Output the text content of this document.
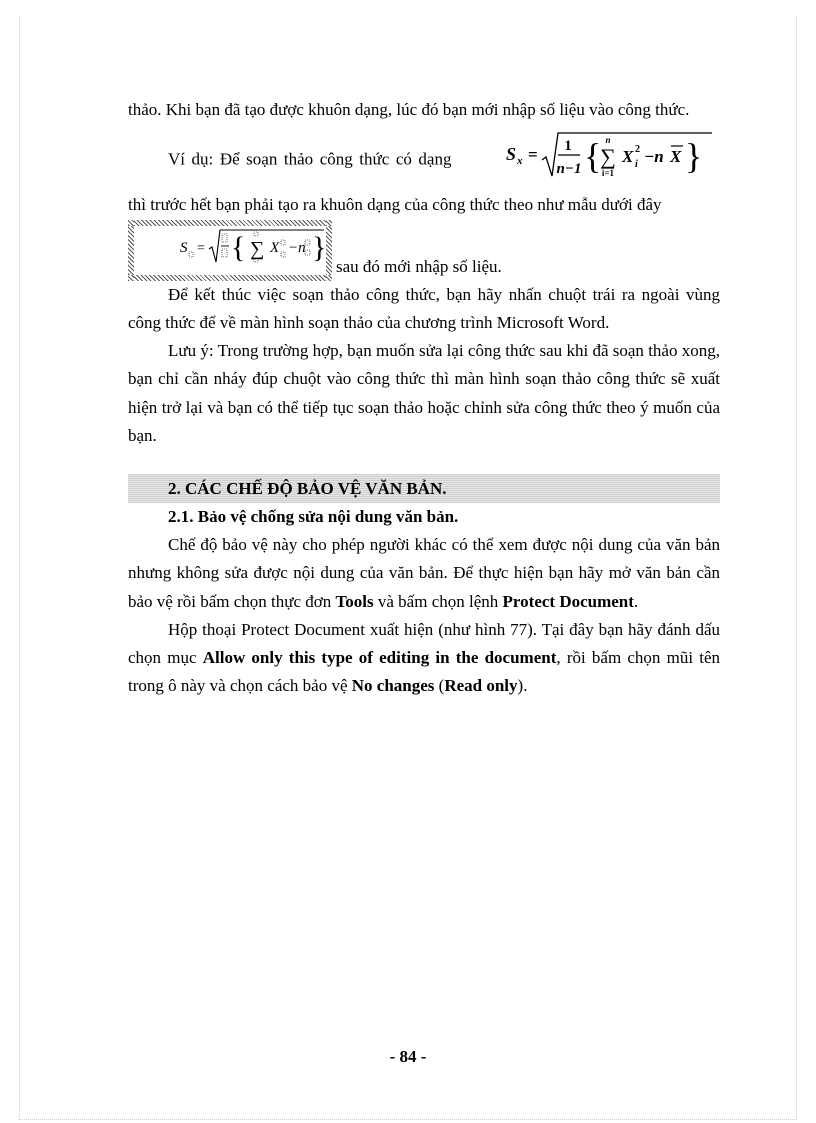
thảo. Khi bạn đã tạo được khuôn dạng, lúc đó bạn mới nhập số liệu vào công thức.

Ví dụ: Để soạn thảo công thức có dạng	S x = 1
n−1 { n
∑
i=1
X 2
i −n X }
thì trước hết bạn phải tạo ra khuôn dạng của công thức theo như mẫu dưới đây

S = { ∑ X −n }
sau đó mới nhập số liệu.

Để kết thúc việc soạn thảo công thức, bạn hãy nhấn chuột trái ra ngoài vùng công thức để về màn hình soạn thảo của chương trình Microsoft Word.

Lưu ý: Trong trường hợp, bạn muốn sửa lại công thức sau khi đã soạn thảo xong, bạn chỉ cần nháy đúp chuột vào công thức thì màn hình soạn thảo công thức sẽ xuất hiện trở lại và bạn có thể tiếp tục soạn thảo hoặc chỉnh sửa công thức theo ý muốn của bạn.

2. CÁC CHẾ ĐỘ BẢO VỆ VĂN BẢN.
2.1. Bảo vệ chống sửa nội dung văn bản.

Chế độ bảo vệ này cho phép người khác có thể xem được nội dung của văn bản nhưng không sửa được nội dung của văn bản. Để thực hiện bạn hãy mở văn bản cần bảo vệ rồi bấm chọn thực đơn Tools và bấm chọn lệnh Protect Document.

Hộp thoại Protect Document xuất hiện (như hình 77). Tại đây bạn hãy đánh dấu chọn mục Allow only this type of editing in the document, rồi bấm chọn mũi tên trong ô này và chọn cách bảo vệ No changes (Read only).

- 84 -
